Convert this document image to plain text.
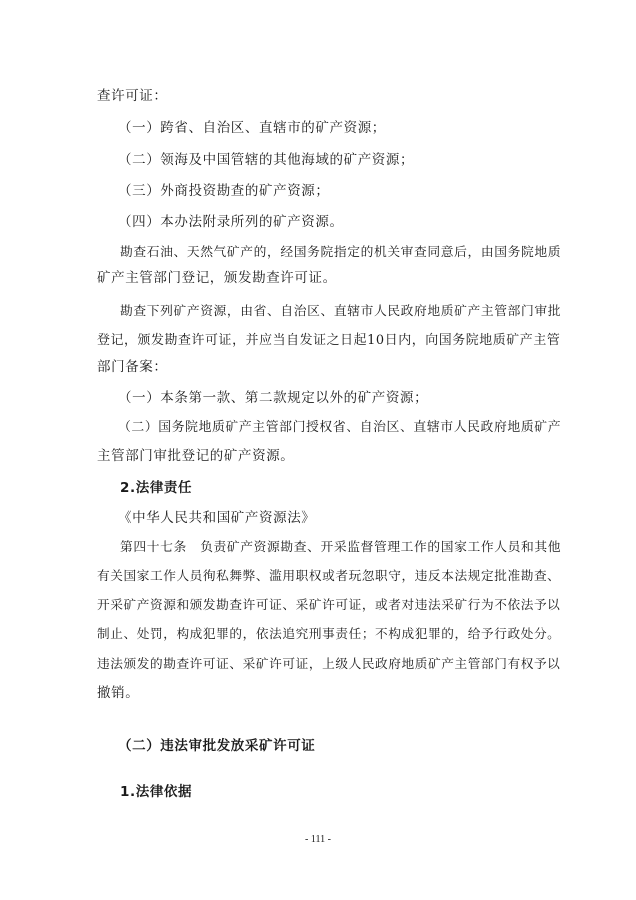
查许可证：

（一）跨省、自治区、直辖市的矿产资源；

（二）领海及中国管辖的其他海域的矿产资源；

（三）外商投资勘查的矿产资源；

（四）本办法附录所列的矿产资源。

勘查石油、天然气矿产的，经国务院指定的机关审查同意后，由国务院地质

矿产主管部门登记，颁发勘查许可证。

勘查下列矿产资源，由省、自治区、直辖市人民政府地质矿产主管部门审批

登记，颁发勘查许可证，并应当自发证之日起10日内，向国务院地质矿产主管

部门备案：

（一）本条第一款、第二款规定以外的矿产资源；

（二）国务院地质矿产主管部门授权省、自治区、直辖市人民政府地质矿产

主管部门审批登记的矿产资源。

2.法律责任

《中华人民共和国矿产资源法》

第四十七条　负责矿产资源勘查、开采监督管理工作的国家工作人员和其他

有关国家工作人员徇私舞弊、滥用职权或者玩忽职守，违反本法规定批准勘查、

开采矿产资源和颁发勘查许可证、采矿许可证，或者对违法采矿行为不依法予以

制止、处罚，构成犯罪的，依法追究刑事责任；不构成犯罪的，给予行政处分。

违法颁发的勘查许可证、采矿许可证，上级人民政府地质矿产主管部门有权予以

撤销。

（二）违法审批发放采矿许可证

1.法律依据

- 111 -
